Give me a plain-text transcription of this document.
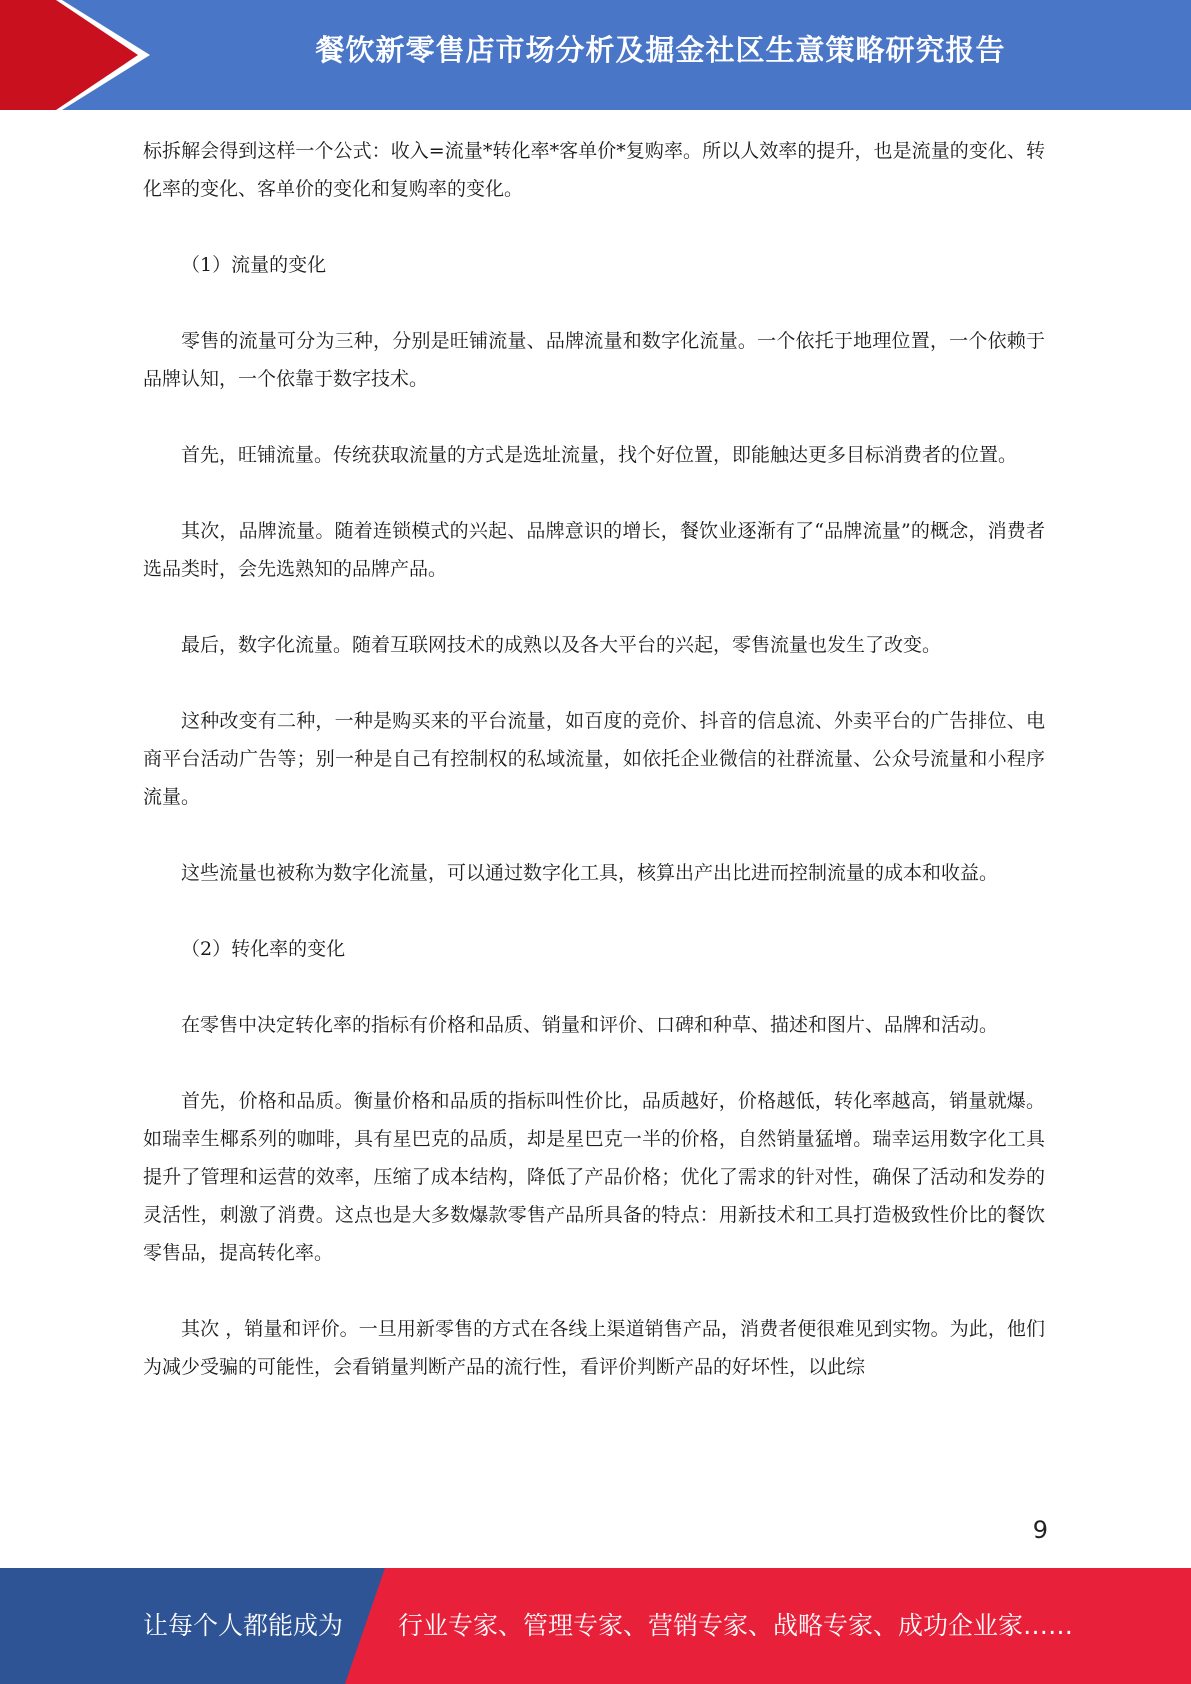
餐饮新零售店市场分析及掘金社区生意策略研究报告

标拆解会得到这样一个公式：收入=流量*转化率*客单价*复购率。所以人效率的提升，也是流量的变化、转化率的变化、客单价的变化和复购率的变化。

（1）流量的变化

零售的流量可分为三种，分别是旺铺流量、品牌流量和数字化流量。一个依托于地理位置，一个依赖于品牌认知，一个依靠于数字技术。

首先，旺铺流量。传统获取流量的方式是选址流量，找个好位置，即能触达更多目标消费者的位置。

其次，品牌流量。随着连锁模式的兴起、品牌意识的增长，餐饮业逐渐有了“品牌流量”的概念，消费者选品类时，会先选熟知的品牌产品。

最后，数字化流量。随着互联网技术的成熟以及各大平台的兴起，零售流量也发生了改变。

这种改变有二种，一种是购买来的平台流量，如百度的竞价、抖音的信息流、外卖平台的广告排位、电商平台活动广告等；别一种是自己有控制权的私域流量，如依托企业微信的社群流量、公众号流量和小程序流量。

这些流量也被称为数字化流量，可以通过数字化工具，核算出产出比进而控制流量的成本和收益。

（2）转化率的变化

在零售中决定转化率的指标有价格和品质、销量和评价、口碑和种草、描述和图片、品牌和活动。

首先，价格和品质。衡量价格和品质的指标叫性价比，品质越好，价格越低，转化率越高，销量就爆。如瑞幸生椰系列的咖啡，具有星巴克的品质，却是星巴克一半的价格，自然销量猛增。瑞幸运用数字化工具提升了管理和运营的效率，压缩了成本结构，降低了产品价格；优化了需求的针对性，确保了活动和发券的灵活性，刺激了消费。这点也是大多数爆款零售产品所具备的特点：用新技术和工具打造极致性价比的餐饮零售品，提高转化率。

其次 ，销量和评价。一旦用新零售的方式在各线上渠道销售产品，消费者便很难见到实物。为此，他们为减少受骗的可能性，会看销量判断产品的流行性，看评价判断产品的好坏性，以此综

9
让每个人都能成为 行业专家、管理专家、营销专家、战略专家、成功企业家……
